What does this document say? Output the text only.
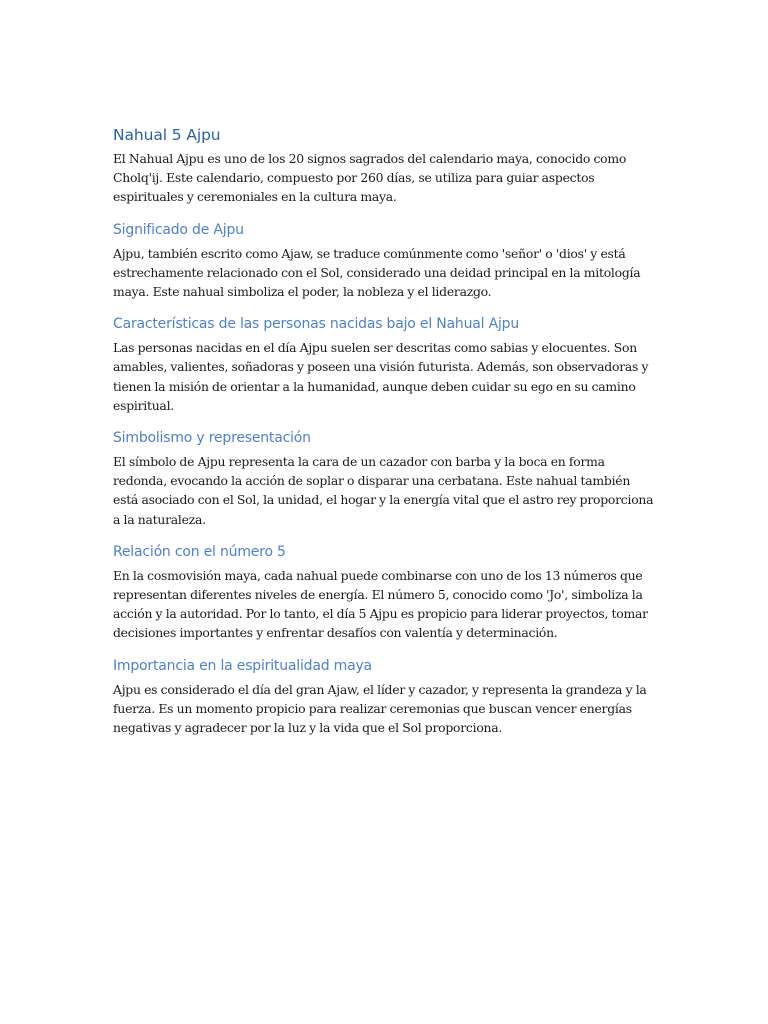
Nahual 5 Ajpu

El Nahual Ajpu es uno de los 20 signos sagrados del calendario maya, conocido como Cholq'ij. Este calendario, compuesto por 260 días, se utiliza para guiar aspectos espirituales y ceremoniales en la cultura maya.

Significado de Ajpu

Ajpu, también escrito como Ajaw, se traduce comúnmente como 'señor' o 'dios' y está estrechamente relacionado con el Sol, considerado una deidad principal en la mitología maya. Este nahual simboliza el poder, la nobleza y el liderazgo.

Características de las personas nacidas bajo el Nahual Ajpu

Las personas nacidas en el día Ajpu suelen ser descritas como sabias y elocuentes. Son amables, valientes, soñadoras y poseen una visión futurista. Además, son observadoras y tienen la misión de orientar a la humanidad, aunque deben cuidar su ego en su camino espiritual.

Simbolismo y representación

El símbolo de Ajpu representa la cara de un cazador con barba y la boca en forma redonda, evocando la acción de soplar o disparar una cerbatana. Este nahual también está asociado con el Sol, la unidad, el hogar y la energía vital que el astro rey proporciona a la naturaleza.

Relación con el número 5

En la cosmovisión maya, cada nahual puede combinarse con uno de los 13 números que representan diferentes niveles de energía. El número 5, conocido como 'Jo', simboliza la acción y la autoridad. Por lo tanto, el día 5 Ajpu es propicio para liderar proyectos, tomar decisiones importantes y enfrentar desafíos con valentía y determinación.

Importancia en la espiritualidad maya

Ajpu es considerado el día del gran Ajaw, el líder y cazador, y representa la grandeza y la fuerza. Es un momento propicio para realizar ceremonias que buscan vencer energías negativas y agradecer por la luz y la vida que el Sol proporciona.
